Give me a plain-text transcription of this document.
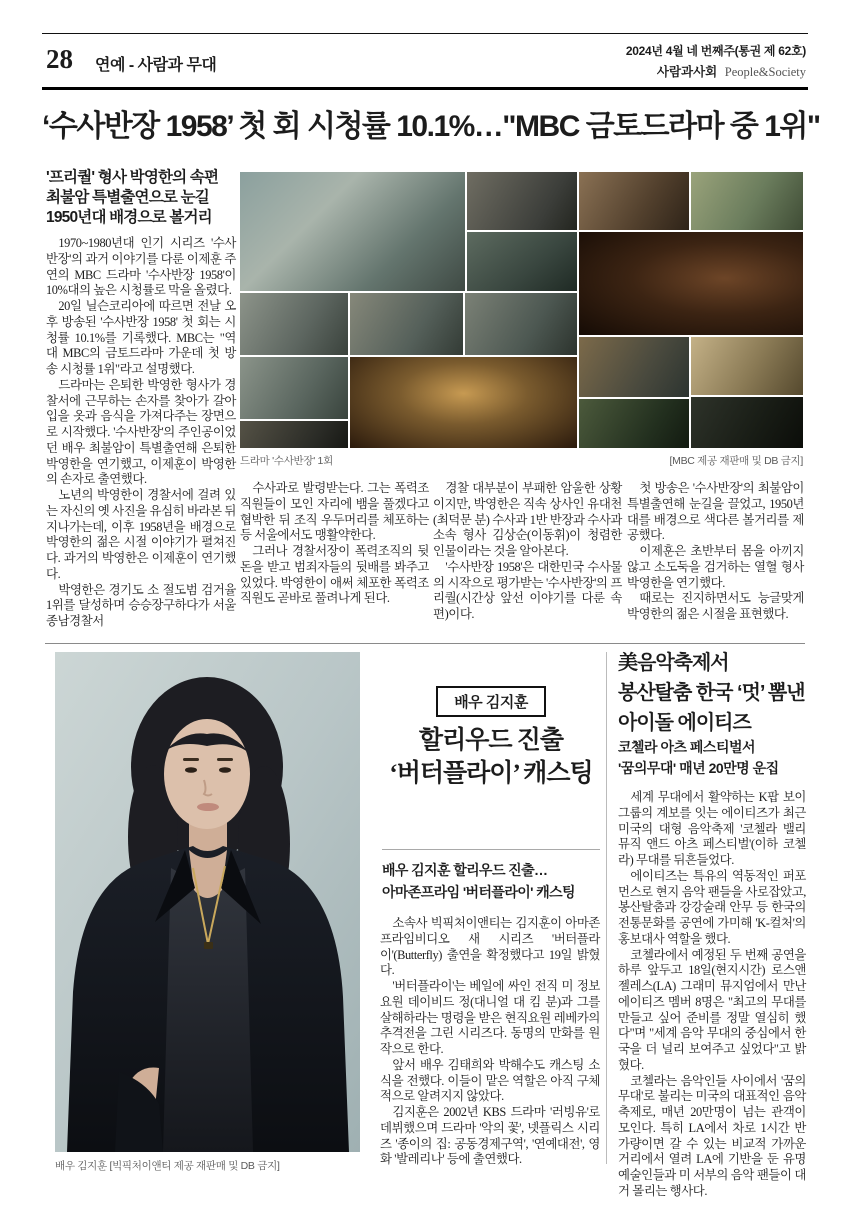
28 연예 - 사람과 무대
2024년 4월 네 번째주(통권 제 62호)
사람과사회 People&Society
‘수사반장 1958’ 첫 회 시청률 10.1%…"MBC 금토드라마 중 1위"
'프리퀄' 형사 박영한의 속편
최불암 특별출연으로 눈길
1950년대 배경으로 볼거리

1970~1980년대 인기 시리즈 '수사반장'의 과거 이야기를 다룬 이제훈 주연의 MBC 드라마 '수사반장 1958'이 10%대의 높은 시청률로 막을 올렸다.

20일 닐슨코리아에 따르면 전날 오후 방송된 '수사반장 1958' 첫 회는 시청률 10.1%를 기록했다. MBC는 "역대 MBC의 금토드라마 가운데 첫 방송 시청률 1위"라고 설명했다.

드라마는 은퇴한 박영한 형사가 경찰서에 근무하는 손자를 찾아가 갈아입을 옷과 음식을 가져다주는 장면으로 시작했다. '수사반장'의 주인공이었던 배우 최불암이 특별출연해 은퇴한 박영한을 연기했고, 이제훈이 박영한의 손자로 출연했다.

노년의 박영한이 경찰서에 걸려 있는 자신의 옛 사진을 유심히 바라본 뒤 지나가는데, 이후 1958년을 배경으로 박영한의 젊은 시절 이야기가 펼쳐진다. 과거의 박영한은 이제훈이 연기했다.

박영한은 경기도 소 절도범 검거율 1위를 달성하며 승승장구하다가 서울 종남경찰서

드라마 '수사반장' 1회	[MBC 제공 재판매 및 DB 금지]

수사과로 발령받는다. 그는 폭력조직원들이 모인 자리에 뱀을 풀겠다고 협박한 뒤 조직 우두머리를 체포하는 등 서울에서도 맹활약한다.

그러나 경찰서장이 폭력조직의 뒷돈을 받고 범죄자들의 뒷배를 봐주고 있었다. 박영한이 애써 체포한 폭력조직원도 곧바로 풀려나게 된다.

경찰 대부분이 부패한 암울한 상황이지만, 박영한은 직속 상사인 유대천(최덕문 분) 수사과 1반 반장과 수사과 소속 형사 김상순(이동휘)이 청렴한 인물이라는 것을 알아본다.

'수사반장 1958'은 대한민국 수사물의 시작으로 평가받는 '수사반장'의 프리퀄(시간상 앞선 이야기를 다룬 속편)이다.

첫 방송은 '수사반장'의 최불암이 특별출연해 눈길을 끌었고, 1950년대를 배경으로 색다른 볼거리를 제공했다.

이제훈은 초반부터 몸을 아끼지 않고 소도둑을 검거하는 열혈 형사 박영한을 연기했다.

때로는 진지하면서도 능글맞게 박영한의 젊은 시절을 표현했다.

배우 김지훈 [빅픽처이앤티 제공 재판매 및 DB 금지]
배우 김지훈
할리우드 진출
‘버터플라이’ 캐스팅
배우 김지훈 할리우드 진출…
아마존프라임 '버터플라이' 캐스팅

소속사 빅픽처이앤티는 김지훈이 아마존프라임비디오 새 시리즈 '버터플라이'(Butterfly) 출연을 확정했다고 19일 밝혔다.

'버터플라이'는 베일에 싸인 전직 미 정보요원 데이비드 정(대니얼 대 킴 분)과 그를 살해하라는 명령을 받은 현직요원 레베카의 추격전을 그린 시리즈다. 동명의 만화를 원작으로 한다.

앞서 배우 김태희와 박해수도 캐스팅 소식을 전했다. 이들이 맡은 역할은 아직 구체적으로 알려지지 않았다.

김지훈은 2002년 KBS 드라마 '러빙유'로 데뷔했으며 드라마 '악의 꽃', 넷플릭스 시리즈 '종이의 집: 공동경제구역', '연예대전', 영화 '발레리나' 등에 출연했다.

美음악축제서
봉산탈춤 한국 ‘멋’ 뽐낸
아이돌 에이티즈
코첼라 아츠 페스티벌서
'꿈의무대' 매년 20만명 운집

세계 무대에서 활약하는 K팝 보이그룹의 계보를 잇는 에이티즈가 최근 미국의 대형 음악축제 '코첼라 밸리 뮤직 앤드 아츠 페스티벌'(이하 코첼라) 무대를 뒤흔들었다.

에이티즈는 특유의 역동적인 퍼포먼스로 현지 음악 팬들을 사로잡았고, 봉산탈춤과 강강술래 안무 등 한국의 전통문화를 공연에 가미해 'K-컬처'의 홍보대사 역할을 했다.

코첼라에서 예정된 두 번째 공연을 하루 앞두고 18일(현지시간) 로스앤젤레스(LA) 그래미 뮤지엄에서 만난 에이티즈 멤버 8명은 "최고의 무대를 만들고 싶어 준비를 정말 열심히 했다"며 "세계 음악 무대의 중심에서 한국을 더 널리 보여주고 싶었다"고 밝혔다.

코첼라는 음악인들 사이에서 '꿈의 무대'로 불리는 미국의 대표적인 음악축제로, 매년 20만명이 넘는 관객이 모인다. 특히 LA에서 차로 1시간 반가량이면 갈 수 있는 비교적 가까운 거리에서 열려 LA에 기반을 둔 유명 예술인들과 미 서부의 음악 팬들이 대거 몰리는 행사다.
